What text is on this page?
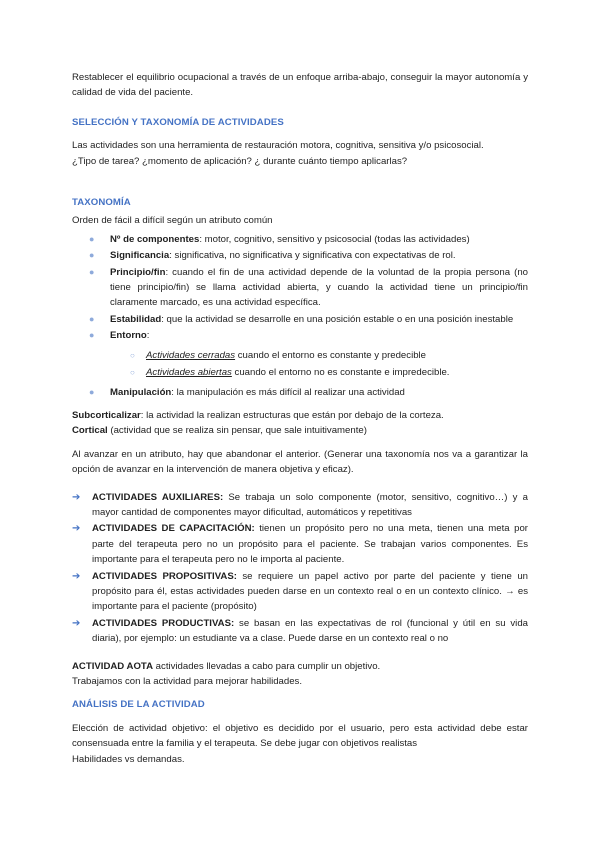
Restablecer el equilibrio ocupacional a través de un enfoque arriba-abajo, conseguir la mayor autonomía y calidad de vida del paciente.

SELECCIÓN Y TAXONOMÍA DE ACTIVIDADES

Las actividades son una herramienta de restauración motora, cognitiva, sensitiva y/o psicosocial.

¿Tipo de tarea? ¿momento de aplicación? ¿ durante cuánto tiempo aplicarlas?

TAXONOMÍA

Orden de fácil a difícil según un atributo común

● Nº de componentes: motor, cognitivo, sensitivo y psicosocial (todas las actividades)
● Significancia: significativa, no significativa y significativa con expectativas de rol.
● Principio/fin: cuando el fin de una actividad depende de la voluntad de la propia persona (no tiene principio/fin) se llama actividad abierta, y cuando la actividad tiene un principio/fin claramente marcado, es una actividad específica.
● Estabilidad: que la actividad se desarrolle en una posición estable o en una posición inestable
● Entorno:
○ Actividades cerradas cuando el entorno es constante y predecible
○ Actividades abiertas cuando el entorno no es constante e impredecible.
● Manipulación: la manipulación es más difícil al realizar una actividad

Subcorticalizar: la actividad la realizan estructuras que están por debajo de la corteza.

Cortical (actividad que se realiza sin pensar, que sale intuitivamente)

Al avanzar en un atributo, hay que abandonar el anterior. (Generar una taxonomía nos va a garantizar la opción de avanzar en la intervención de manera objetiva y eficaz).

➔ ACTIVIDADES AUXILIARES: Se trabaja un solo componente (motor, sensitivo, cognitivo…) y a mayor cantidad de componentes mayor dificultad, automáticos y repetitivas
➔ ACTIVIDADES DE CAPACITACIÓN: tienen un propósito pero no una meta, tienen una meta por parte del terapeuta pero no un propósito para el paciente. Se trabajan varios componentes. Es importante para el terapeuta pero no le importa al paciente.
➔ ACTIVIDADES PROPOSITIVAS: se requiere un papel activo por parte del paciente y tiene un propósito para él, estas actividades pueden darse en un contexto real o en un contexto clínico. → es importante para el paciente (propósito)
➔ ACTIVIDADES PRODUCTIVAS: se basan en las expectativas de rol (funcional y útil en su vida diaria), por ejemplo: un estudiante va a clase. Puede darse en un contexto real o no

ACTIVIDAD AOTA actividades llevadas a cabo para cumplir un objetivo.

Trabajamos con la actividad para mejorar habilidades.

ANÁLISIS DE LA ACTIVIDAD

Elección de actividad objetivo: el objetivo es decidido por el usuario, pero esta actividad debe estar consensuada entre la familia y el terapeuta. Se debe jugar con objetivos realistas

Habilidades vs demandas.
